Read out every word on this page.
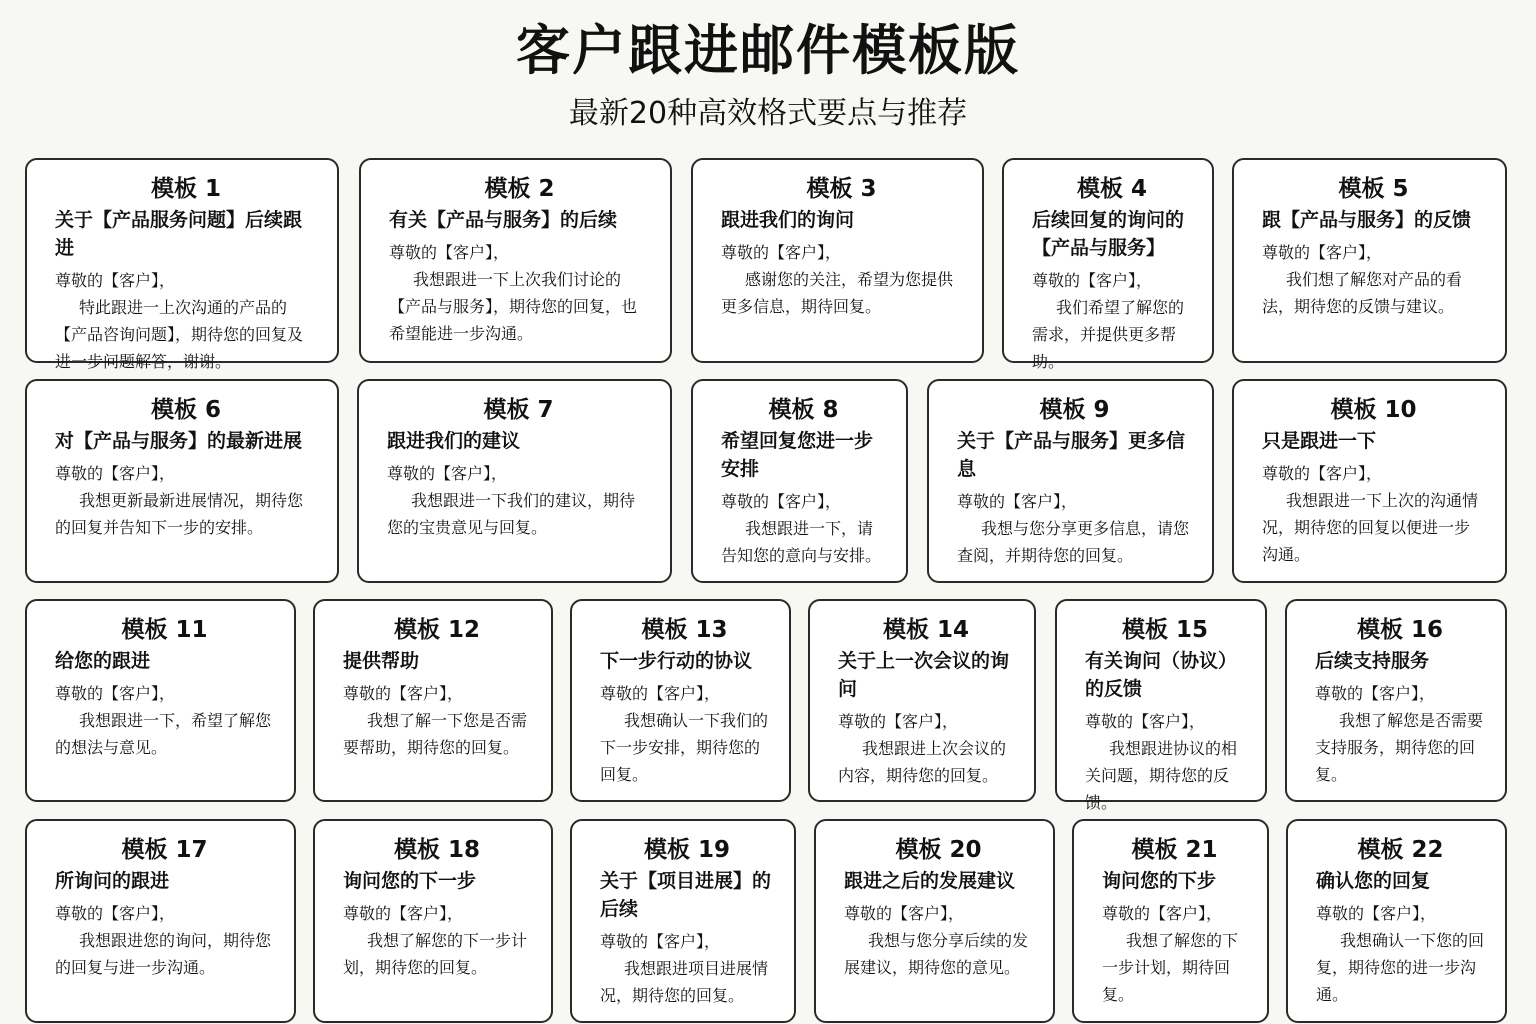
客户跟进邮件模板版
最新20种高效格式要点与推荐
模板 1
关于【产品服务问题】后续跟进
尊敬的【客户】，
特此跟进一上次沟通的产品的【产品咨询问题】，期待您的回复及进一步问题解答，谢谢。
模板 2
有关【产品与服务】的后续
尊敬的【客户】，
我想跟进一下上次我们讨论的【产品与服务】，期待您的回复，也希望能进一步沟通。
模板 3
跟进我们的询问
尊敬的【客户】，
感谢您的关注，希望为您提供更多信息，期待回复。
模板 4
后续回复的询问的【产品与服务】
尊敬的【客户】，
我们希望了解您的需求，并提供更多帮助。
模板 5
跟【产品与服务】的反馈
尊敬的【客户】，
我们想了解您对产品的看法，期待您的反馈与建议。
模板 6
对【产品与服务】的最新进展
尊敬的【客户】，
我想更新最新进展情况，期待您的回复并告知下一步的安排。
模板 7
跟进我们的建议
尊敬的【客户】，
我想跟进一下我们的建议，期待您的宝贵意见与回复。
模板 8
希望回复您进一步安排
尊敬的【客户】，
我想跟进一下，请告知您的意向与安排。
模板 9
关于【产品与服务】更多信息
尊敬的【客户】，
我想与您分享更多信息，请您查阅，并期待您的回复。
模板 10
只是跟进一下
尊敬的【客户】，
我想跟进一下上次的沟通情况，期待您的回复以便进一步沟通。
模板 11
给您的跟进
尊敬的【客户】，
我想跟进一下，希望了解您的想法与意见。
模板 12
提供帮助
尊敬的【客户】，
我想了解一下您是否需要帮助，期待您的回复。
模板 13
下一步行动的协议
尊敬的【客户】，
我想确认一下我们的下一步安排，期待您的回复。
模板 14
关于上一次会议的询问
尊敬的【客户】，
我想跟进上次会议的内容，期待您的回复。
模板 15
有关询问（协议）的反馈
尊敬的【客户】，
我想跟进协议的相关问题，期待您的反馈。
模板 16
后续支持服务
尊敬的【客户】，
我想了解您是否需要支持服务，期待您的回复。
模板 17
所询问的跟进
尊敬的【客户】，
我想跟进您的询问，期待您的回复与进一步沟通。
模板 18
询问您的下一步
尊敬的【客户】，
我想了解您的下一步计划，期待您的回复。
模板 19
关于【项目进展】的后续
尊敬的【客户】，
我想跟进项目进展情况，期待您的回复。
模板 20
跟进之后的发展建议
尊敬的【客户】，
我想与您分享后续的发展建议，期待您的意见。
模板 21
询问您的下步
尊敬的【客户】，
我想了解您的下一步计划，期待回复。
模板 22
确认您的回复
尊敬的【客户】，
我想确认一下您的回复，期待您的进一步沟通。
